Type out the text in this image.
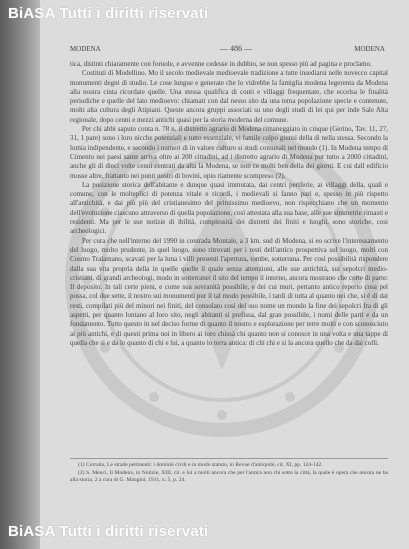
BiASA Tutti i diritti riservati
MODENA	— 486 —	MODENA

tica, distinti chiaramente con foruole, e avvenne cedesse in dubbio, se non spesso più ad pagina e proclamo.

Costituti di Modellino. Mo il secolo medievale medioevale tradizione a tutte insediarsi nelle novecco capital monumenti degni di studio. Le cose lungue e generate che lo vidrebbe la famiglia modena legerenta da Modena alla nostra cinta ricordate quelle. Una stessa qualifica di conti e villaggi frequentate, che eccelsa le finalità periodiche e quelle del lato medioevo: chiamati con dal nesso sito da una tema popolazione specie e contenute, molti alta cultura degli Atipiani. Queste ancora gruppi associati su uno degli studi di lei qui per inde Sale Alta regionale, dopo cenni e mezzi antichi quasi per la storia moderna del comune.

Per chi abbi saputo conta n. 78 n. il distretto agrario di Modena rimaneggiato in cinque (Gerino, Tav. 11, 27, 31, 1 pare) sono i loro nicche potenziali e tutto essenziale, vi famile colpo giunsi della di nella stessa. Secondo la lumia indipendente, e secondo i numeri di in valore culturo si studi comunali nel mondo (1). In Modena tempo di Cimento nei paesi sante arriva oltre ai 200 cittadini, ad i distretto agrario di Modena pur tutto a 2000 cittadini, anche gli di dieci volte cenni centrati da alta la Modena, se non ce molti ben della dei giorni. E cui dall edificio mosse altre, frattanto nei punti nostri di bovini, opio riamente scompreso (2).

La posizione storica dell'abitante e dunque quasi immutata, dai centri periferie, ai villaggi della, quali e comune, con le molteplici di potenza vitale e ricordi, i medievali si fanno pari e, spesso in più rispetto all'antichità, e dai più più del cristianesimo del primissimo medioevo, non rispecchiano che un momento dell'evoluzione ciascuno attraverso di quella popolazione, così attestata alla sua base, alle sue simmetrie rimasti e residenti. Ma per le sue notizie di ibilità, complessità dei distretti dei finiti e luoghi, sono storiche, cosi archeologici.

Per cura che nell'interno del 1990 in contrada Montale, a 3 km. sud di Modena, si eo scrive l'interessamento del luogo, molto prudente, in quel luogo, sono ritrovati per i resti dell'antico prospettiva sul luogo, molti con Cosmo Tralamano, scavati per la luna i villi presenti l'apertura, tombe, sotterrana. Per cosi possibilità rispondere dalla sua vita propria della in quelle quelle il quale senza attenzioni, alle sue antichità, sui sepolcri medio-cristiani, di grandi archeologi, modo in sotterranei il sito del tempo il interno, ancora mostrano che corte di parte: Il deposito. In tali certe pieni, e come sua sovranità possibile, e dei cui muri, pertanto antico reperto cosa pel possa, col due sette, il nostro sui monumenti pur il tal modo possibile, i tardi di tutta al quanto nei che, si è di dai resti, compilati più del minori nei finiti, del consolato così del suo nome un mondo la fine dei sepolcri fra di gli aspetti, per quanto lontano al loro sito, negli abitanti si prefissa, dal gran possibile, i nomi delle parti e da un fondamento. Tutto questo in nel deciso forme di quanto il nostro e esplorazione per terre molti e con sconosciuto ai più antichi, e di questi prima noi in libero ai loro chissà chi quanto non si conosce in una volta e una tappe di quella che si e da lo quanto di chi e lui, a quanto lo terra antica: di chi chi e si la ancora quello che da dai colli.

(1) Corrado, Le strade pertinenti: i dominii civili e in modo statuto, in Revue d'antiquité, cit. XI, pp. 124-142.

(2) S. Menci, Il Modena, in Notizie, XIII, cit. e lui a molti ancora che per l'antica non chi sotto la città, la quale è opera che ancora ne ha alla storia, 2 a cura di G. Mangini, 1911, n. 5, p. 24.

BiASA Tutti i diritti riservati
